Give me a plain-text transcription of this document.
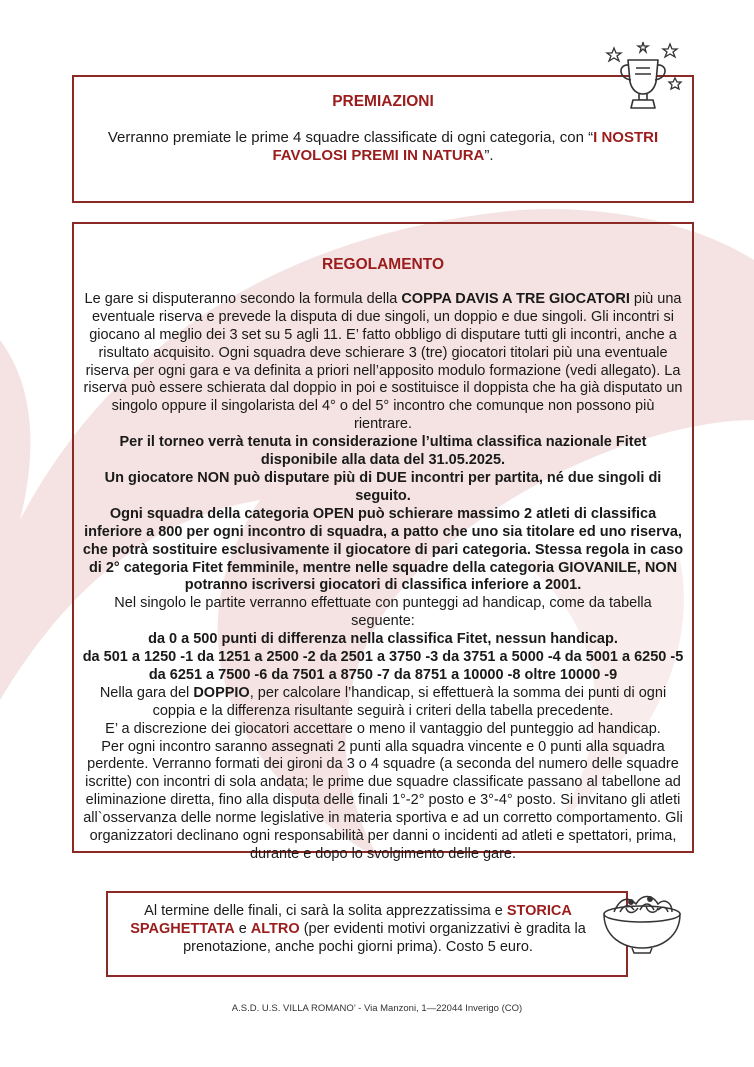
PREMIAZIONI
Verranno premiate le prime 4 squadre classificate di ogni categoria, con “I NOSTRI FAVOLOSI PREMI IN NATURA”.
REGOLAMENTO
Le gare si disputeranno secondo la formula della COPPA DAVIS A TRE GIOCATORI più una eventuale riserva e prevede la disputa di due singoli, un doppio e due singoli. Gli incontri si giocano al meglio dei 3 set su 5 agli 11. E’ fatto obbligo di disputare tutti gli incontri, anche a risultato acquisito. Ogni squadra deve schierare 3 (tre) giocatori titolari più una eventuale riserva per ogni gara e va definita a priori nell’apposito modulo formazione (vedi allegato). La riserva può essere schierata dal doppio in poi e sostituisce il doppista che ha già disputato un singolo oppure il singolarista del 4° o del 5° incontro che comunque non possono più rientrare.
Per il torneo verrà tenuta in considerazione l’ultima classifica nazionale Fitet disponibile alla data del 31.05.2025.
Un giocatore NON può disputare più di DUE incontri per partita, né due singoli di seguito.
Ogni squadra della categoria OPEN può schierare massimo 2 atleti di classifica inferiore a 800 per ogni incontro di squadra, a patto che uno sia titolare ed uno riserva, che potrà sostituire esclusivamente il giocatore di pari categoria. Stessa regola in caso di 2° categoria Fitet femminile, mentre nelle squadre della categoria GIOVANILE, NON potranno iscriversi giocatori di classifica inferiore a 2001.
Nel singolo le partite verranno effettuate con punteggi ad handicap, come da tabella seguente:
da 0 a 500 punti di differenza nella classifica Fitet, nessun handicap.
da 501 a 1250 -1 da 1251 a 2500 -2 da 2501 a 3750 -3 da 3751 a 5000 -4 da 5001 a 6250 -5 da 6251 a 7500 -6 da 7501 a 8750 -7 da 8751 a 10000 -8 oltre 10000 -9
Nella gara del DOPPIO, per calcolare l’handicap, si effettuerà la somma dei punti di ogni coppia e la differenza risultante seguirà i criteri della tabella precedente.
E’ a discrezione dei giocatori accettare o meno il vantaggio del punteggio ad handicap.
Per ogni incontro saranno assegnati 2 punti alla squadra vincente e 0 punti alla squadra perdente. Verranno formati dei gironi da 3 o 4 squadre (a seconda del numero delle squadre iscritte) con incontri di sola andata; le prime due squadre classificate passano al tabellone ad eliminazione diretta, fino alla disputa delle finali 1°-2° posto e 3°-4° posto. Si invitano gli atleti all`osservanza delle norme legislative in materia sportiva e ad un corretto comportamento. Gli organizzatori declinano ogni responsabilità per danni o incidenti ad atleti e spettatori, prima, durante e dopo lo svolgimento delle gare.
Al termine delle finali, ci sarà la solita apprezzatissima e STORICA SPAGHETTATA e ALTRO (per evidenti motivi organizzativi è gradita la prenotazione, anche pochi giorni prima). Costo 5 euro.
A.S.D. U.S. VILLA ROMANO’ - Via Manzoni, 1—22044 Inverigo (CO)
